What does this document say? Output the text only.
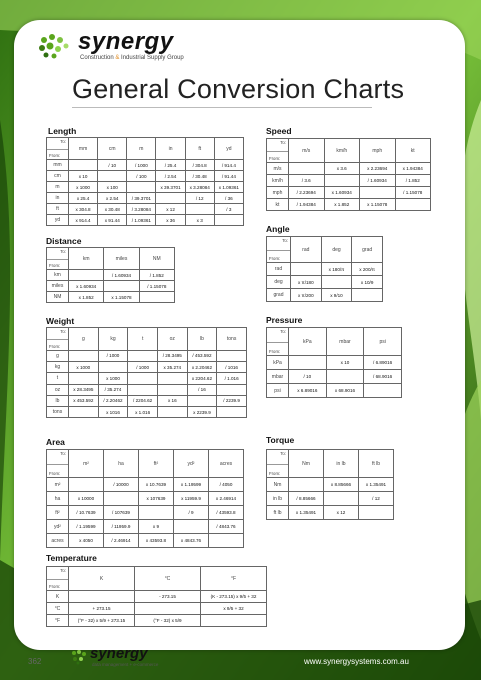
synergy
Construction & Industrial Supply Group
General Conversion Charts
Length
Distance
Weight
Area
Temperature
Speed
Angle
Pressure
Torque
To:
From:	mm	cm	m	in	ft	yd
mm		/ 10	/ 1000	/ 25.4	/ 304.8	/ 914.4
cm	x 10		/ 100	/ 2.54	/ 30.48	/ 91.44
m	x 1000	x 100		x 39.3701	x 3.28084	x 1.09361
in	x 25.4	x 2.54	/ 39.3701		/ 12	/ 36
ft	x 304.8	x 30.48	/ 3.28084	x 12		/ 3
yd	x 914.4	x 91.44	/ 1.09361	x 36	x 3	
To:
From:	km	miles	NM
km		/ 1.60934	/ 1.852
miles	x 1.60934		/ 1.15078
NM	x 1.852	x 1.15078	
To:
From:	g	kg	t	oz	lb	tons
g		/ 1000		/ 28.3495	/ 453.592	
kg	x 1000		/ 1000	x 35.274	x 2.20462	/ 1016
t		x 1000			x 2204.62	/ 1.016
oz	x 28.3495	/ 35.274			/ 16	
lb	x 453.592	/ 2.20462	/ 2204.62	x 16		/ 2239.9
tons		x 1016	x 1.016		x 2239.9	
To:
From:	m²	ha	ft²	yd²	acres
m²		/ 10000	x 10.7639	x 1.19599	/ 4050
ha	x 10000		x 107639	x 11959.9	x 2.46914
ft²	/ 10.7639	/ 107639		/ 9	/ 43593.8
yd²	/ 1.19599	/ 11959.9	x 9		/ 4843.76
acres	x 4050	/ 2.46914	x 43593.8	x 4843.76	
To:
From:	K	°C	°F
K		- 273.15	(K - 273.15) x 9/5 + 32
°C	+ 273.15		x 9/5 + 32
°F	(°F - 32) x 5/9 + 273.15	(°F - 32) x 5/9	
To:
From:	m/s	km/h	mph	kt
m/s		x 3.6	x 2.23694	x 1.94384
km/h	/ 3.6		/ 1.60934	/ 1.852
mph	/ 2.23694	x 1.60934		/ 1.15078
kt	/ 1.94384	x 1.852	x 1.15078	
To:
From:	rad	deg	grad
rad		x 180/π	x 200/π
deg	x π/180		x 10/9
grad	x π/200	x 9/10	
To:
From:	kPa	mbar	psi
kPa		x 10	/ 6.89016
mbar	/ 10		/ 68.9016
psi	x 6.89016	x 68.9016	
To:
From:	Nm	in lb	ft lb
Nm		x 8.85666	x 1.35491
in lb	/ 8.85666		/ 12
ft lb	x 1.35491	x 12	
362	synergy
data management + e-commerce	www.synergysystems.com.au
